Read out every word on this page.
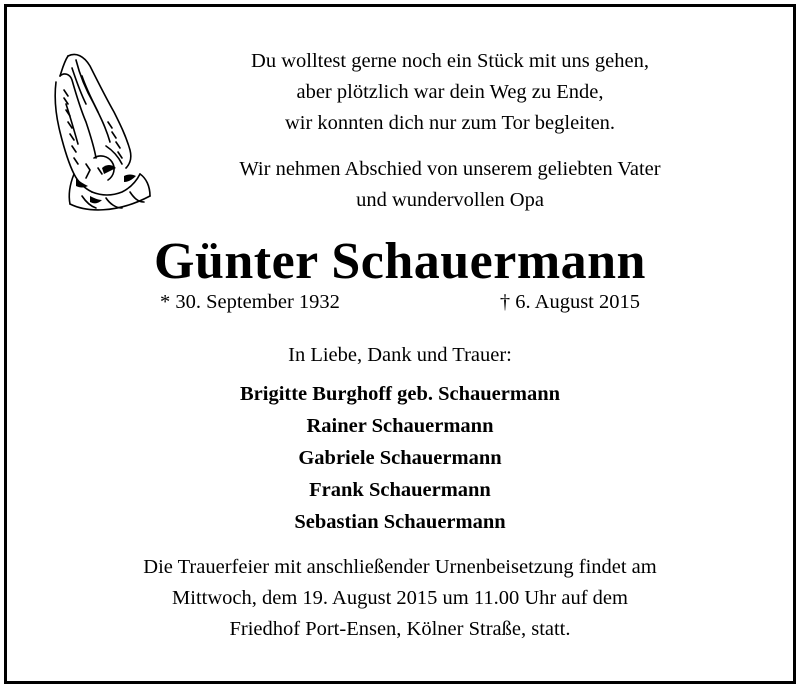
Du wolltest gerne noch ein Stück mit uns gehen,
aber plötzlich war dein Weg zu Ende,
wir konnten dich nur zum Tor begleiten.
Wir nehmen Abschied von unserem geliebten Vater
und wundervollen Opa
Günter Schauermann
* 30. September 1932	† 6. August 2015
In Liebe, Dank und Trauer:
Brigitte Burghoff geb. Schauermann
Rainer Schauermann
Gabriele Schauermann
Frank Schauermann
Sebastian Schauermann
Die Trauerfeier mit anschließender Urnenbeisetzung findet am
Mittwoch, dem 19. August 2015 um 11.00 Uhr auf dem
Friedhof Port-Ensen, Kölner Straße, statt.
